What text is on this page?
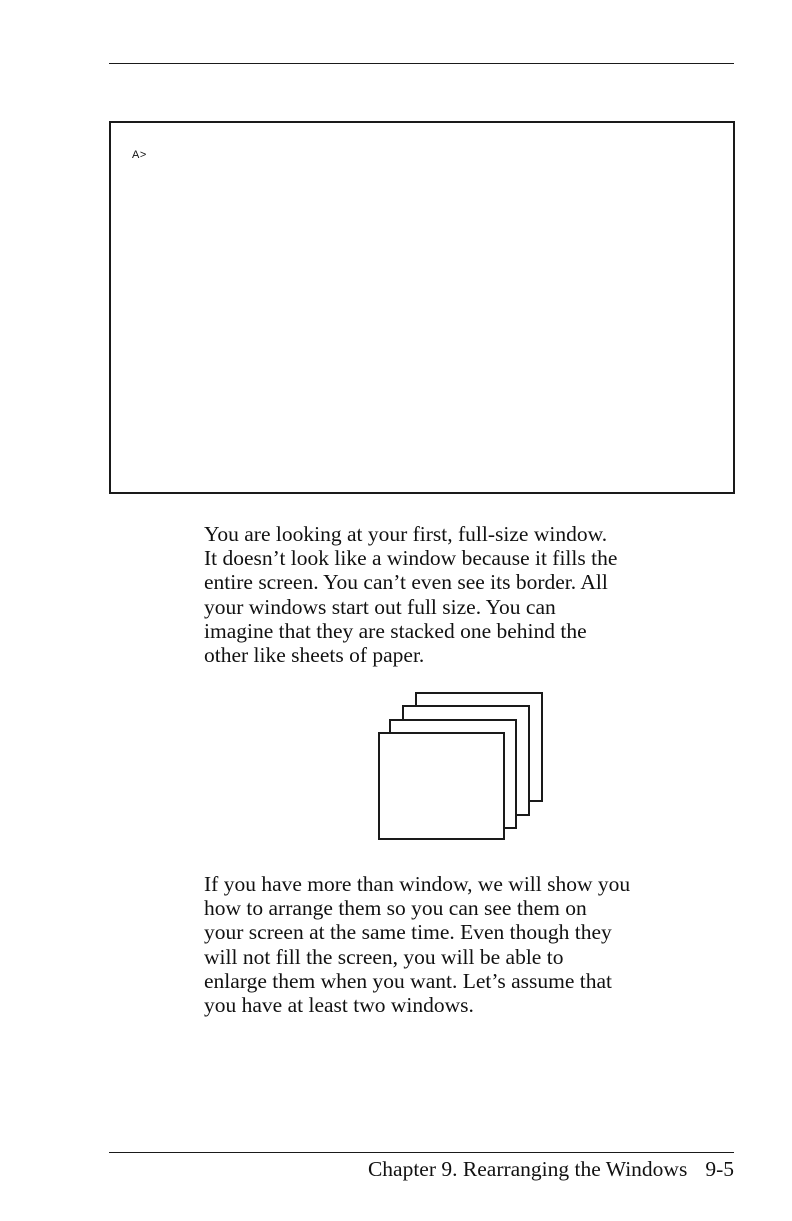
A>

You are looking at your first, full-size window.
It doesn’t look like a window because it fills the
entire screen. You can’t even see its border. All
your windows start out full size. You can
imagine that they are stacked one behind the
other like sheets of paper.

If you have more than window, we will show you
how to arrange them so you can see them on
your screen at the same time. Even though they
will not fill the screen, you will be able to
enlarge them when you want. Let’s assume that
you have at least two windows.

Chapter 9. Rearranging the Windows 9-5
